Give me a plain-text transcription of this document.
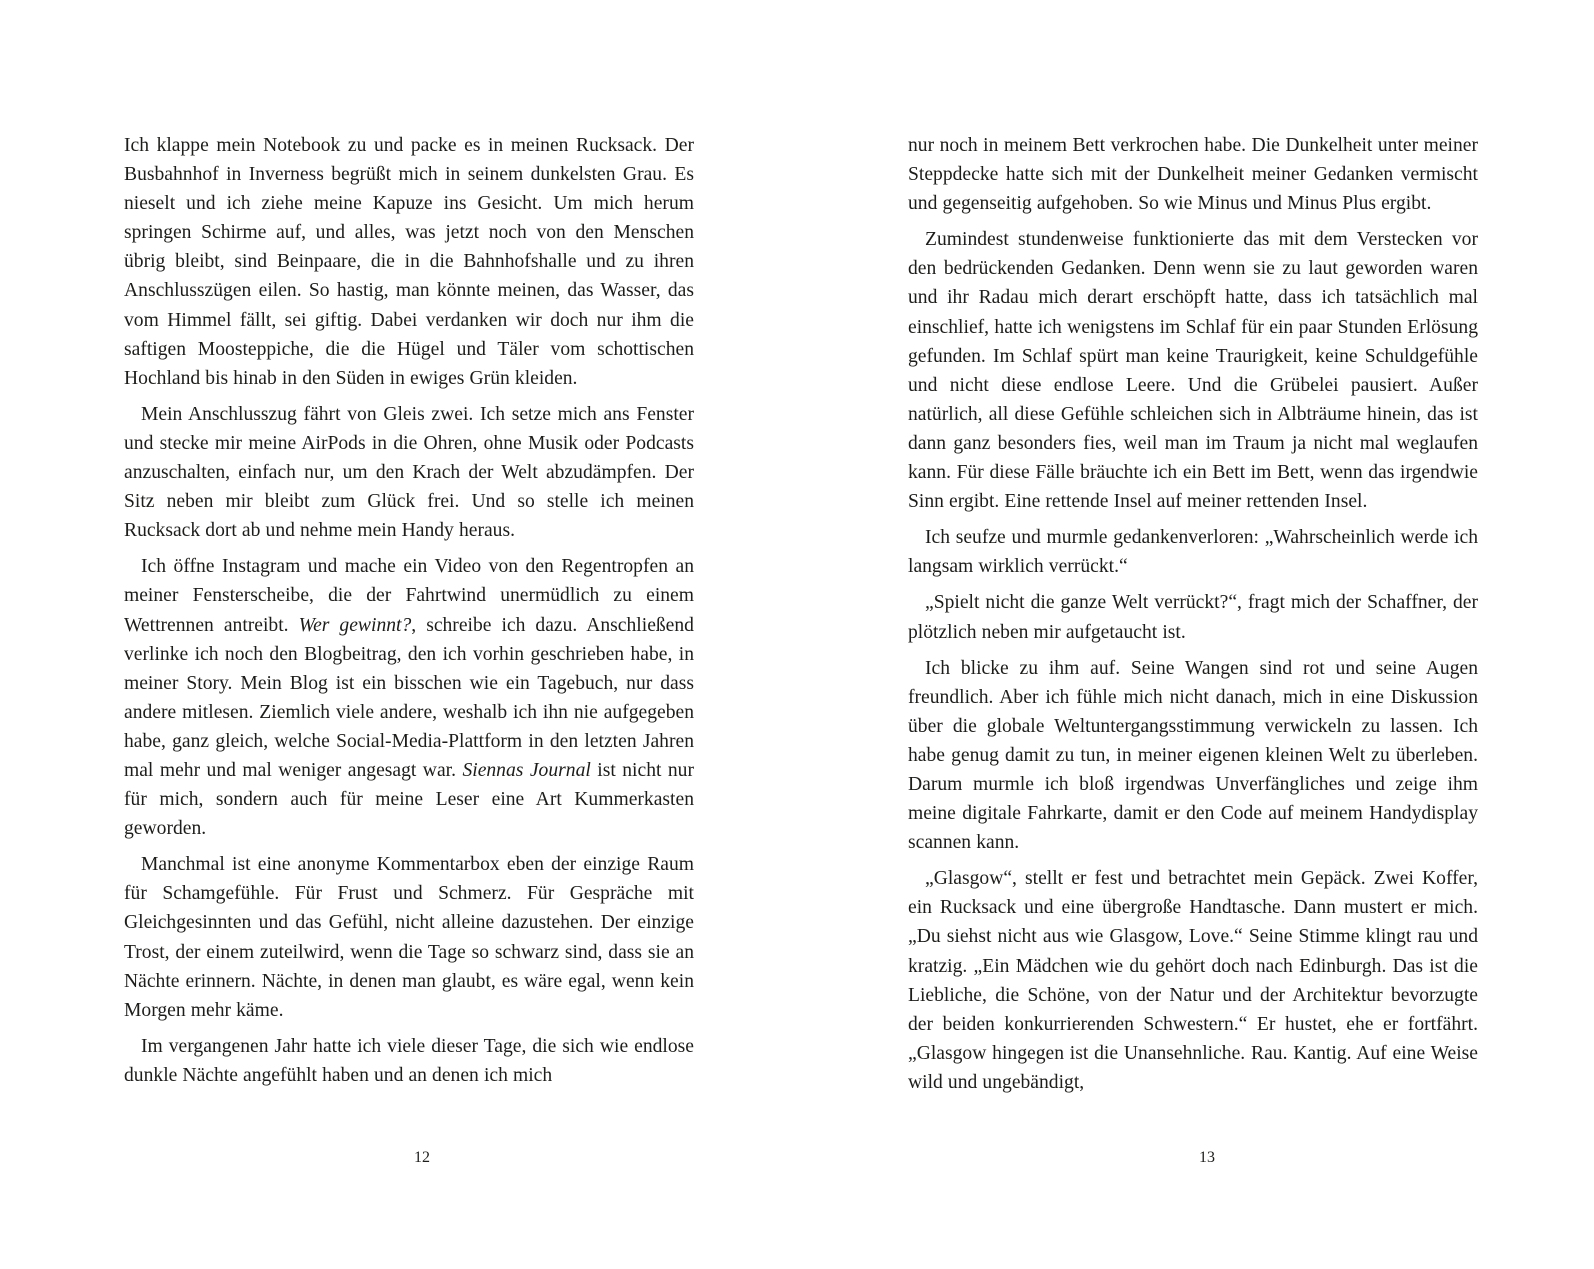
Ich klappe mein Notebook zu und packe es in meinen Rucksack. Der Busbahnhof in Inverness begrüßt mich in seinem dunkelsten Grau. Es nieselt und ich ziehe meine Kapuze ins Gesicht. Um mich herum springen Schirme auf, und alles, was jetzt noch von den Menschen übrig bleibt, sind Beinpaare, die in die Bahnhofshalle und zu ihren Anschlusszügen eilen. So hastig, man könnte meinen, das Wasser, das vom Himmel fällt, sei giftig. Dabei verdanken wir doch nur ihm die saftigen Moosteppiche, die die Hügel und Täler vom schottischen Hochland bis hinab in den Süden in ewiges Grün kleiden.

Mein Anschlusszug fährt von Gleis zwei. Ich setze mich ans Fenster und stecke mir meine AirPods in die Ohren, ohne Musik oder Podcasts anzuschalten, einfach nur, um den Krach der Welt abzudämpfen. Der Sitz neben mir bleibt zum Glück frei. Und so stelle ich meinen Rucksack dort ab und nehme mein Handy heraus.

Ich öffne Instagram und mache ein Video von den Regentropfen an meiner Fensterscheibe, die der Fahrtwind unermüdlich zu einem Wettrennen antreibt. Wer gewinnt?, schreibe ich dazu. Anschließend verlinke ich noch den Blogbeitrag, den ich vorhin geschrieben habe, in meiner Story. Mein Blog ist ein bisschen wie ein Tagebuch, nur dass andere mitlesen. Ziemlich viele andere, weshalb ich ihn nie aufgegeben habe, ganz gleich, welche Social-Media-Plattform in den letzten Jahren mal mehr und mal weniger angesagt war. Siennas Journal ist nicht nur für mich, sondern auch für meine Leser eine Art Kummerkasten geworden.

Manchmal ist eine anonyme Kommentarbox eben der einzige Raum für Schamgefühle. Für Frust und Schmerz. Für Gespräche mit Gleichgesinnten und das Gefühl, nicht alleine dazustehen. Der einzige Trost, der einem zuteilwird, wenn die Tage so schwarz sind, dass sie an Nächte erinnern. Nächte, in denen man glaubt, es wäre egal, wenn kein Morgen mehr käme.

Im vergangenen Jahr hatte ich viele dieser Tage, die sich wie endlose dunkle Nächte angefühlt haben und an denen ich mich

12

nur noch in meinem Bett verkrochen habe. Die Dunkelheit unter meiner Steppdecke hatte sich mit der Dunkelheit meiner Gedanken vermischt und gegenseitig aufgehoben. So wie Minus und Minus Plus ergibt.

Zumindest stundenweise funktionierte das mit dem Verstecken vor den bedrückenden Gedanken. Denn wenn sie zu laut geworden waren und ihr Radau mich derart erschöpft hatte, dass ich tatsächlich mal einschlief, hatte ich wenigstens im Schlaf für ein paar Stunden Erlösung gefunden. Im Schlaf spürt man keine Traurigkeit, keine Schuldgefühle und nicht diese endlose Leere. Und die Grübelei pausiert. Außer natürlich, all diese Gefühle schleichen sich in Albträume hinein, das ist dann ganz besonders fies, weil man im Traum ja nicht mal weglaufen kann. Für diese Fälle bräuchte ich ein Bett im Bett, wenn das irgendwie Sinn ergibt. Eine rettende Insel auf meiner rettenden Insel.

Ich seufze und murmle gedankenverloren: „Wahrscheinlich werde ich langsam wirklich verrückt.“

„Spielt nicht die ganze Welt verrückt?“, fragt mich der Schaffner, der plötzlich neben mir aufgetaucht ist.

Ich blicke zu ihm auf. Seine Wangen sind rot und seine Augen freundlich. Aber ich fühle mich nicht danach, mich in eine Diskussion über die globale Weltuntergangsstimmung verwickeln zu lassen. Ich habe genug damit zu tun, in meiner eigenen kleinen Welt zu überleben. Darum murmle ich bloß irgendwas Unverfängliches und zeige ihm meine digitale Fahrkarte, damit er den Code auf meinem Handydisplay scannen kann.

„Glasgow“, stellt er fest und betrachtet mein Gepäck. Zwei Koffer, ein Rucksack und eine übergroße Handtasche. Dann mustert er mich. „Du siehst nicht aus wie Glasgow, Love.“ Seine Stimme klingt rau und kratzig. „Ein Mädchen wie du gehört doch nach Edinburgh. Das ist die Liebliche, die Schöne, von der Natur und der Architektur bevorzugte der beiden konkurrierenden Schwestern.“ Er hustet, ehe er fortfährt. „Glasgow hingegen ist die Unansehnliche. Rau. Kantig. Auf eine Weise wild und ungebändigt,

13
